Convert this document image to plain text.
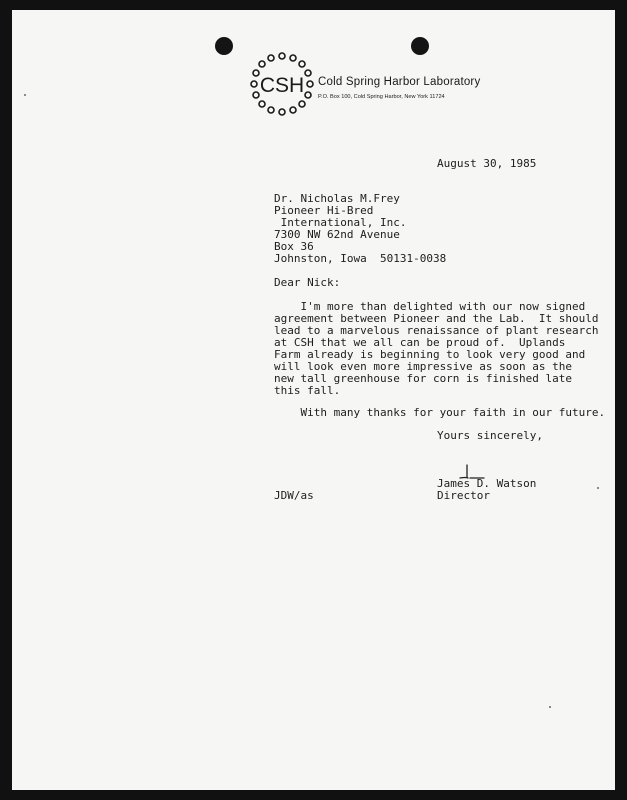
CSH Cold Spring Harbor Laboratory
P.O. Box 100, Cold Spring Harbor, New York 11724
August 30, 1985
Dr. Nicholas M.Frey
Pioneer Hi-Bred
International, Inc.
7300 NW 62nd Avenue
Box 36
Johnston, Iowa  50131-0038
Dear Nick:
I'm more than delighted with our now signed
agreement between Pioneer and the Lab.  It should
lead to a marvelous renaissance of plant research
at CSH that we all can be proud of.  Uplands
Farm already is beginning to look very good and
will look even more impressive as soon as the
new tall greenhouse for corn is finished late
this fall.
With many thanks for your faith in our future.
Yours sincerely,
James D. Watson
Director
JDW/as
